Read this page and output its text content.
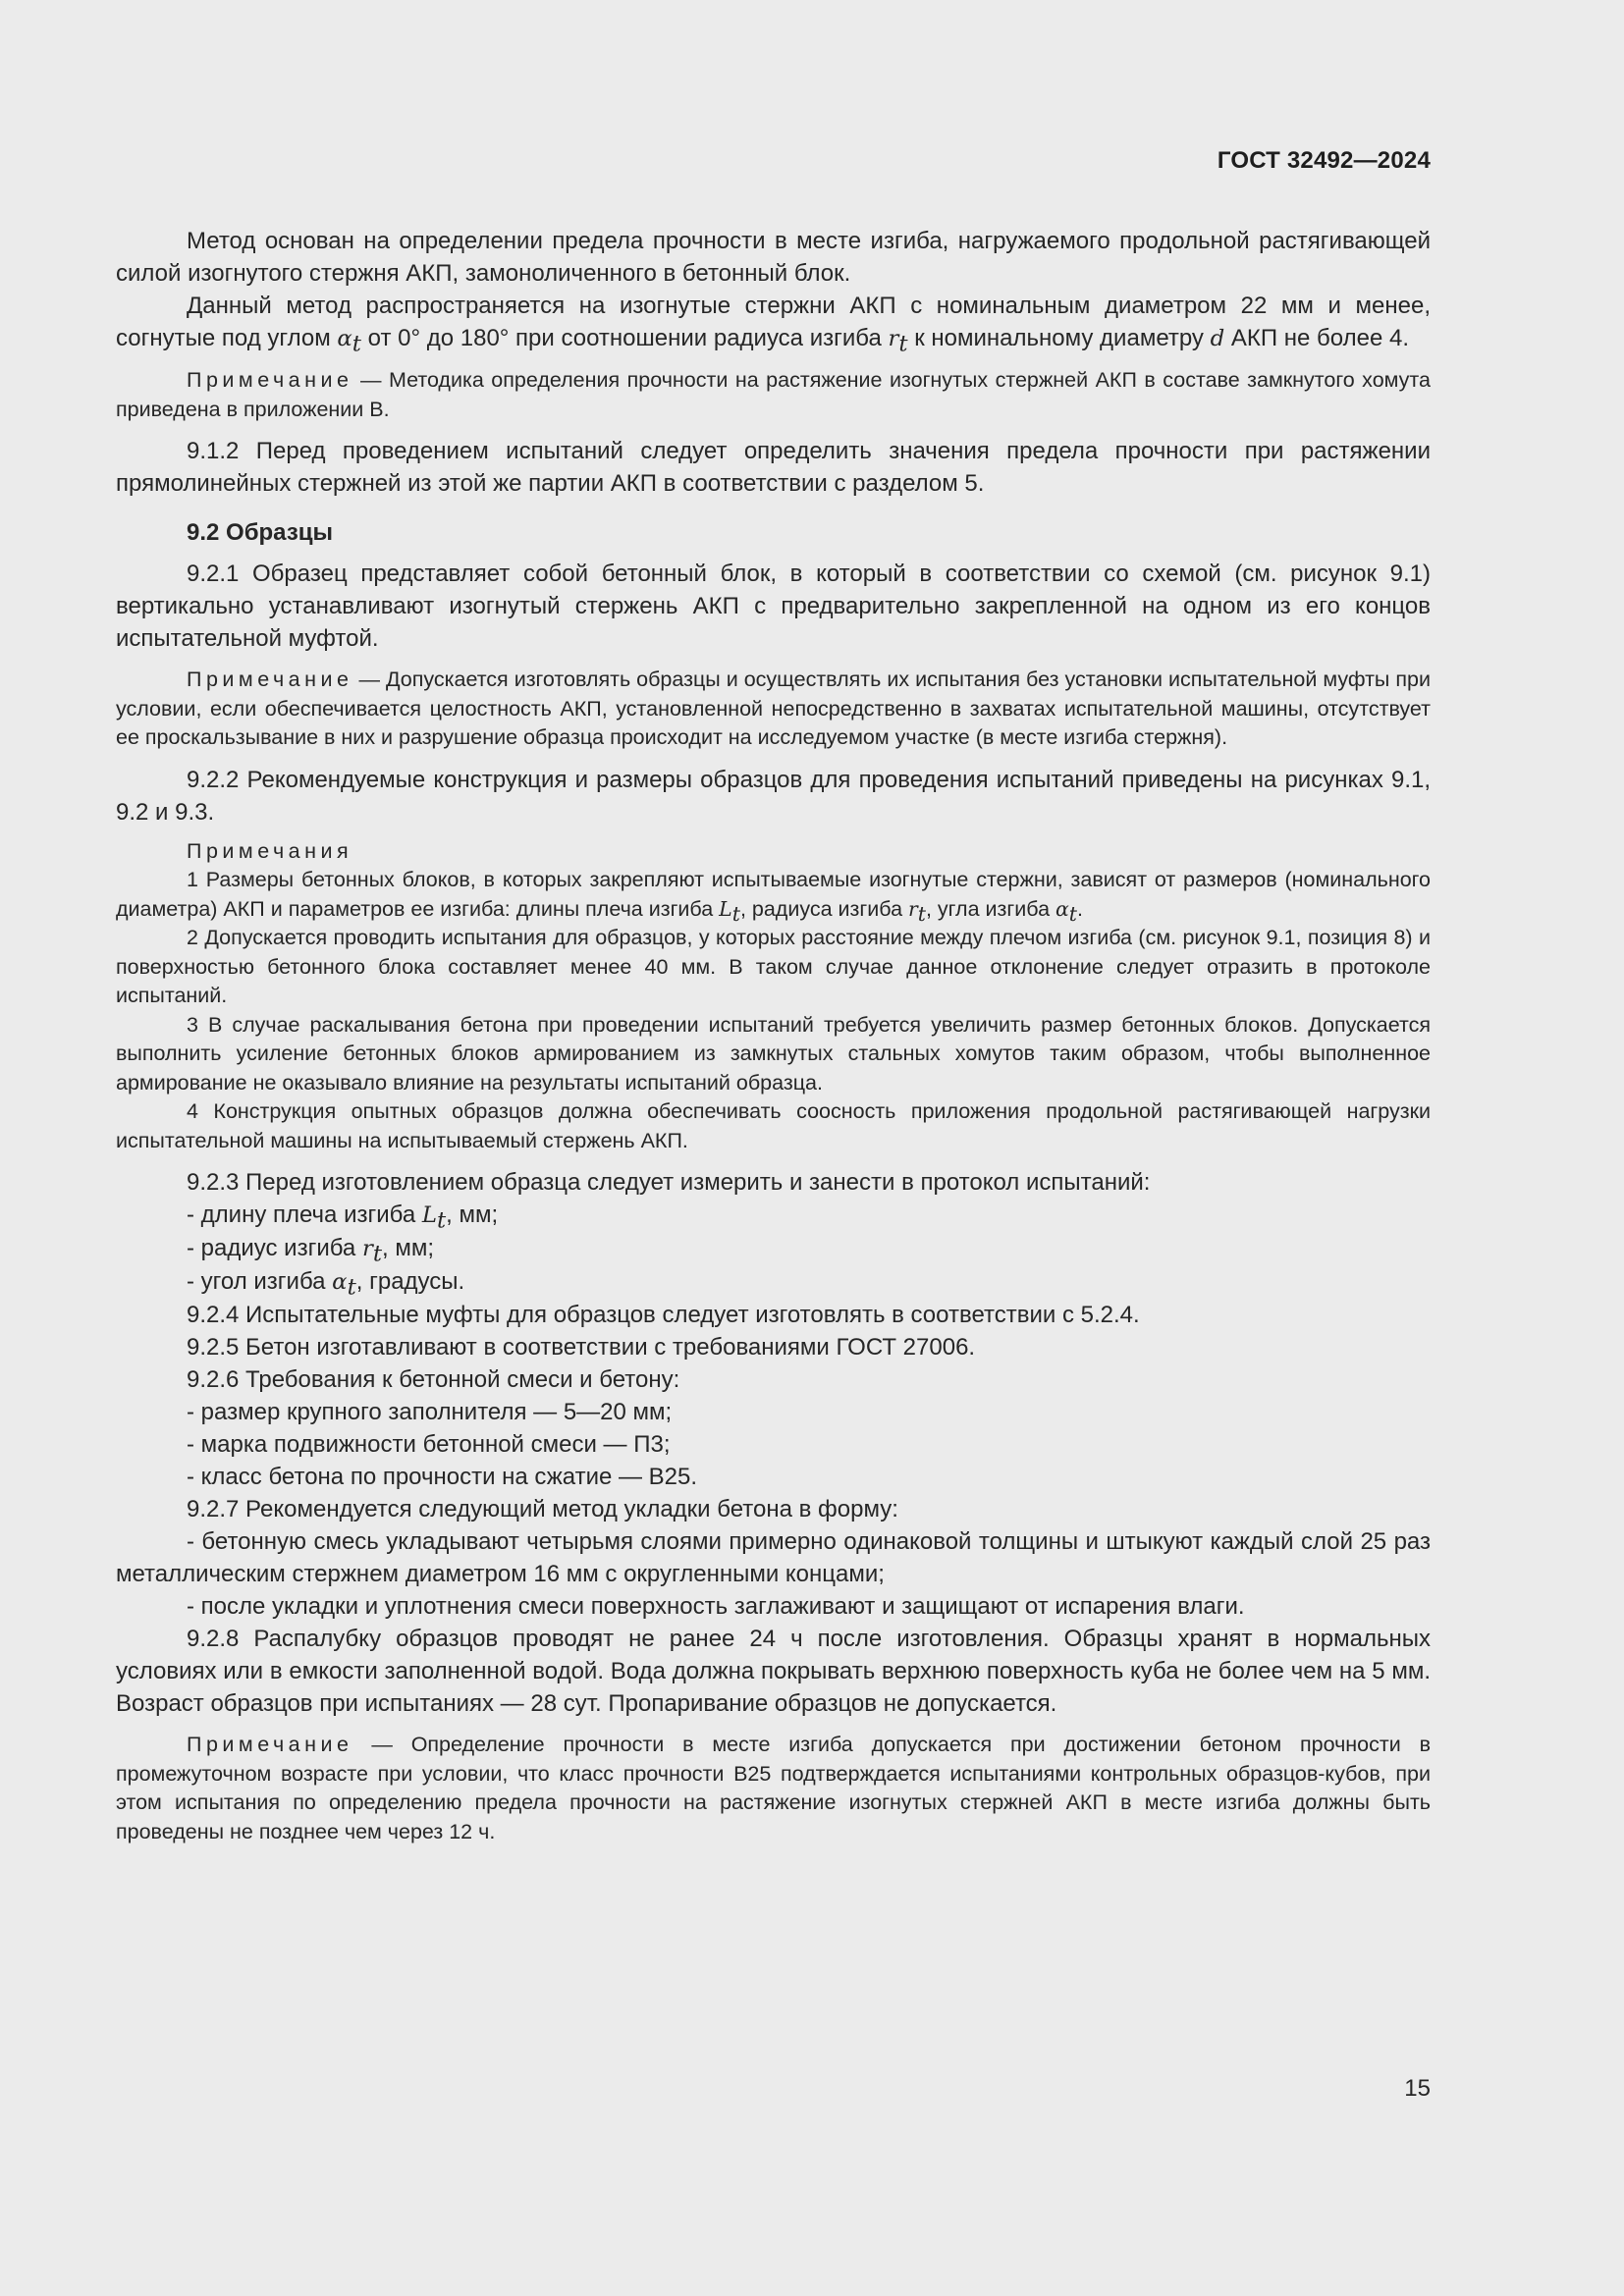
ГОСТ 32492—2024

Метод основан на определении предела прочности в месте изгиба, нагружаемого продольной растягивающей силой изогнутого стержня АКП, замоноличенного в бетонный блок.

Данный метод распространяется на изогнутые стержни АКП с номинальным диаметром 22 мм и менее, согнутые под углом $\alpha_t$ от 0° до 180° при соотношении радиуса изгиба $r_t$ к номинальному диаметру d АКП не более 4.

Примечание — Методика определения прочности на растяжение изогнутых стержней АКП в составе замкнутого хомута приведена в приложении В.

9.1.2 Перед проведением испытаний следует определить значения предела прочности при растяжении прямолинейных стержней из этой же партии АКП в соответствии с разделом 5.

9.2 Образцы

9.2.1 Образец представляет собой бетонный блок, в который в соответствии со схемой (см. рисунок 9.1) вертикально устанавливают изогнутый стержень АКП с предварительно закрепленной на одном из его концов испытательной муфтой.

Примечание — Допускается изготовлять образцы и осуществлять их испытания без установки испытательной муфты при условии, если обеспечивается целостность АКП, установленной непосредственно в захватах испытательной машины, отсутствует ее проскальзывание в них и разрушение образца происходит на исследуемом участке (в месте изгиба стержня).

9.2.2 Рекомендуемые конструкция и размеры образцов для проведения испытаний приведены на рисунках 9.1, 9.2 и 9.3.

Примечания

1 Размеры бетонных блоков, в которых закрепляют испытываемые изогнутые стержни, зависят от размеров (номинального диаметра) АКП и параметров ее изгиба: длины плеча изгиба $L_t$, радиуса изгиба $r_t$, угла изгиба $\alpha_t$.

2 Допускается проводить испытания для образцов, у которых расстояние между плечом изгиба (см. рисунок 9.1, позиция 8) и поверхностью бетонного блока составляет менее 40 мм. В таком случае данное отклонение следует отразить в протоколе испытаний.

3 В случае раскалывания бетона при проведении испытаний требуется увеличить размер бетонных блоков. Допускается выполнить усиление бетонных блоков армированием из замкнутых стальных хомутов таким образом, чтобы выполненное армирование не оказывало влияние на результаты испытаний образца.

4 Конструкция опытных образцов должна обеспечивать соосность приложения продольной растягивающей нагрузки испытательной машины на испытываемый стержень АКП.

9.2.3 Перед изготовлением образца следует измерить и занести в протокол испытаний:

- длину плеча изгиба $L_t$, мм;

- радиус изгиба $r_t$, мм;

- угол изгиба $\alpha_t$, градусы.

9.2.4 Испытательные муфты для образцов следует изготовлять в соответствии с 5.2.4.

9.2.5 Бетон изготавливают в соответствии с требованиями ГОСТ 27006.

9.2.6 Требования к бетонной смеси и бетону:

- размер крупного заполнителя — 5—20 мм;

- марка подвижности бетонной смеси — П3;

- класс бетона по прочности на сжатие — В25.

9.2.7 Рекомендуется следующий метод укладки бетона в форму:

- бетонную смесь укладывают четырьмя слоями примерно одинаковой толщины и штыкуют каждый слой 25 раз металлическим стержнем диаметром 16 мм с округленными концами;

- после укладки и уплотнения смеси поверхность заглаживают и защищают от испарения влаги.

9.2.8 Распалубку образцов проводят не ранее 24 ч после изготовления. Образцы хранят в нормальных условиях или в емкости заполненной водой. Вода должна покрывать верхнюю поверхность куба не более чем на 5 мм. Возраст образцов при испытаниях — 28 сут. Пропаривание образцов не допускается.

Примечание — Определение прочности в месте изгиба допускается при достижении бетоном прочности в промежуточном возрасте при условии, что класс прочности В25 подтверждается испытаниями контрольных образцов-кубов, при этом испытания по определению предела прочности на растяжение изогнутых стержней АКП в месте изгиба должны быть проведены не позднее чем через 12 ч.

15
